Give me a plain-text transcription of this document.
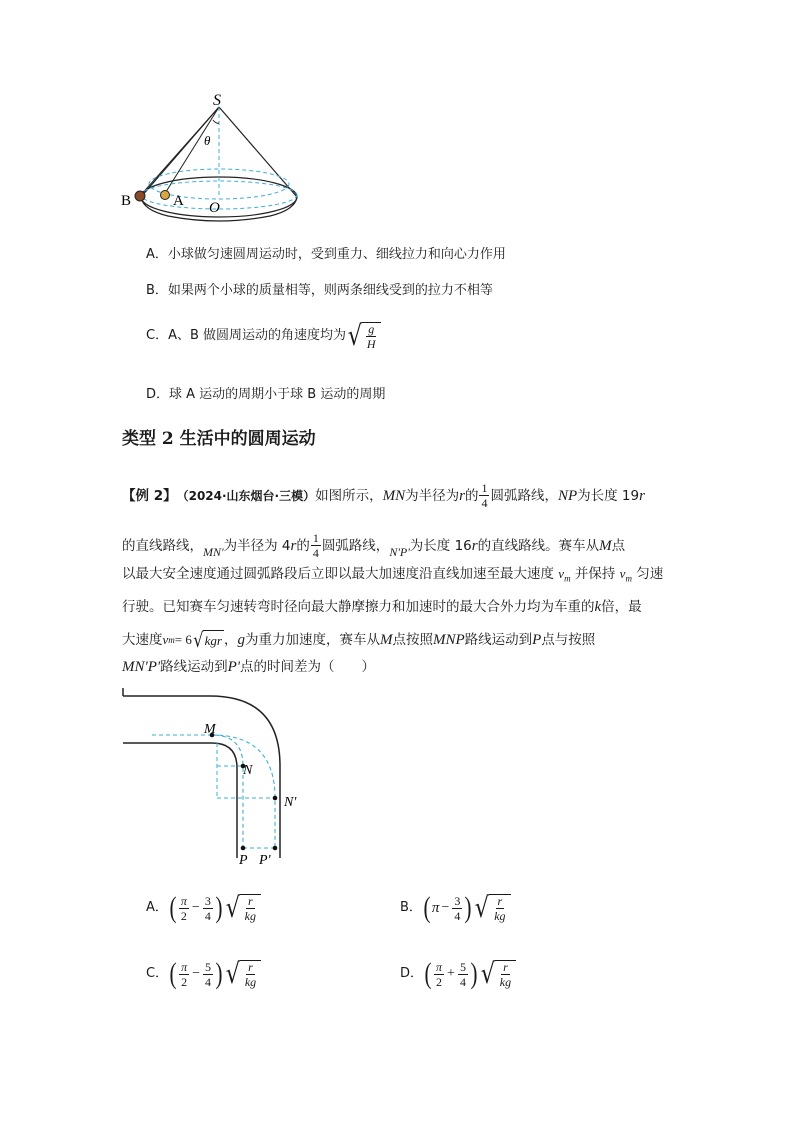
S
θ
O
A
B
A．小球做匀速圆周运动时，受到重力、细线拉力和向心力作用
B．如果两个小球的质量相等，则两条细线受到的拉力不相等
C．A、B 做圆周运动的角速度均为 √ $\frac{g}{H}$
D．球 A 运动的周期小于球 B 运动的周期
类型 2 生活中的圆周运动
【例 2】 （2024·山东烟台·三模） 如图所示， MN 为半径为 r 的 $\frac{1}{4}$ 圆弧路线， NP 为长度 19 r
的直线路线， MN' 为半径为 4 r 的 $\frac{1}{4}$ 圆弧路线， N'P' 为长度 16 r 的直线路线。赛车从 M 点
以最大安全速度通过圆弧路段后立即以最大加速度沿直线加速至最大速度 $v_m$ 并保持 $v_m$ 匀速
行驶。已知赛车匀速转弯时径向最大静摩擦力和加速时的最大合外力均为车重的k倍，最
大速度 v m = 6 √ kgr ， g 为重力加速度，赛车从 M 点按照 MNP 路线运动到 P 点与按照
MN'P' 路线运动到 P' 点的时间差为（　　）
M
N
N'
P P'
A． ( $\frac{\pi}{2} - \frac{3}{4}$ ) √ $\frac{r}{kg}$	B． ( $\pi - \frac{3}{4}$ ) √ $\frac{r}{kg}$
C． ( $\frac{\pi}{2} - \frac{5}{4}$ ) √ $\frac{r}{kg}$	D． ( $\frac{\pi}{2} + \frac{5}{4}$ ) √ $\frac{r}{kg}$
